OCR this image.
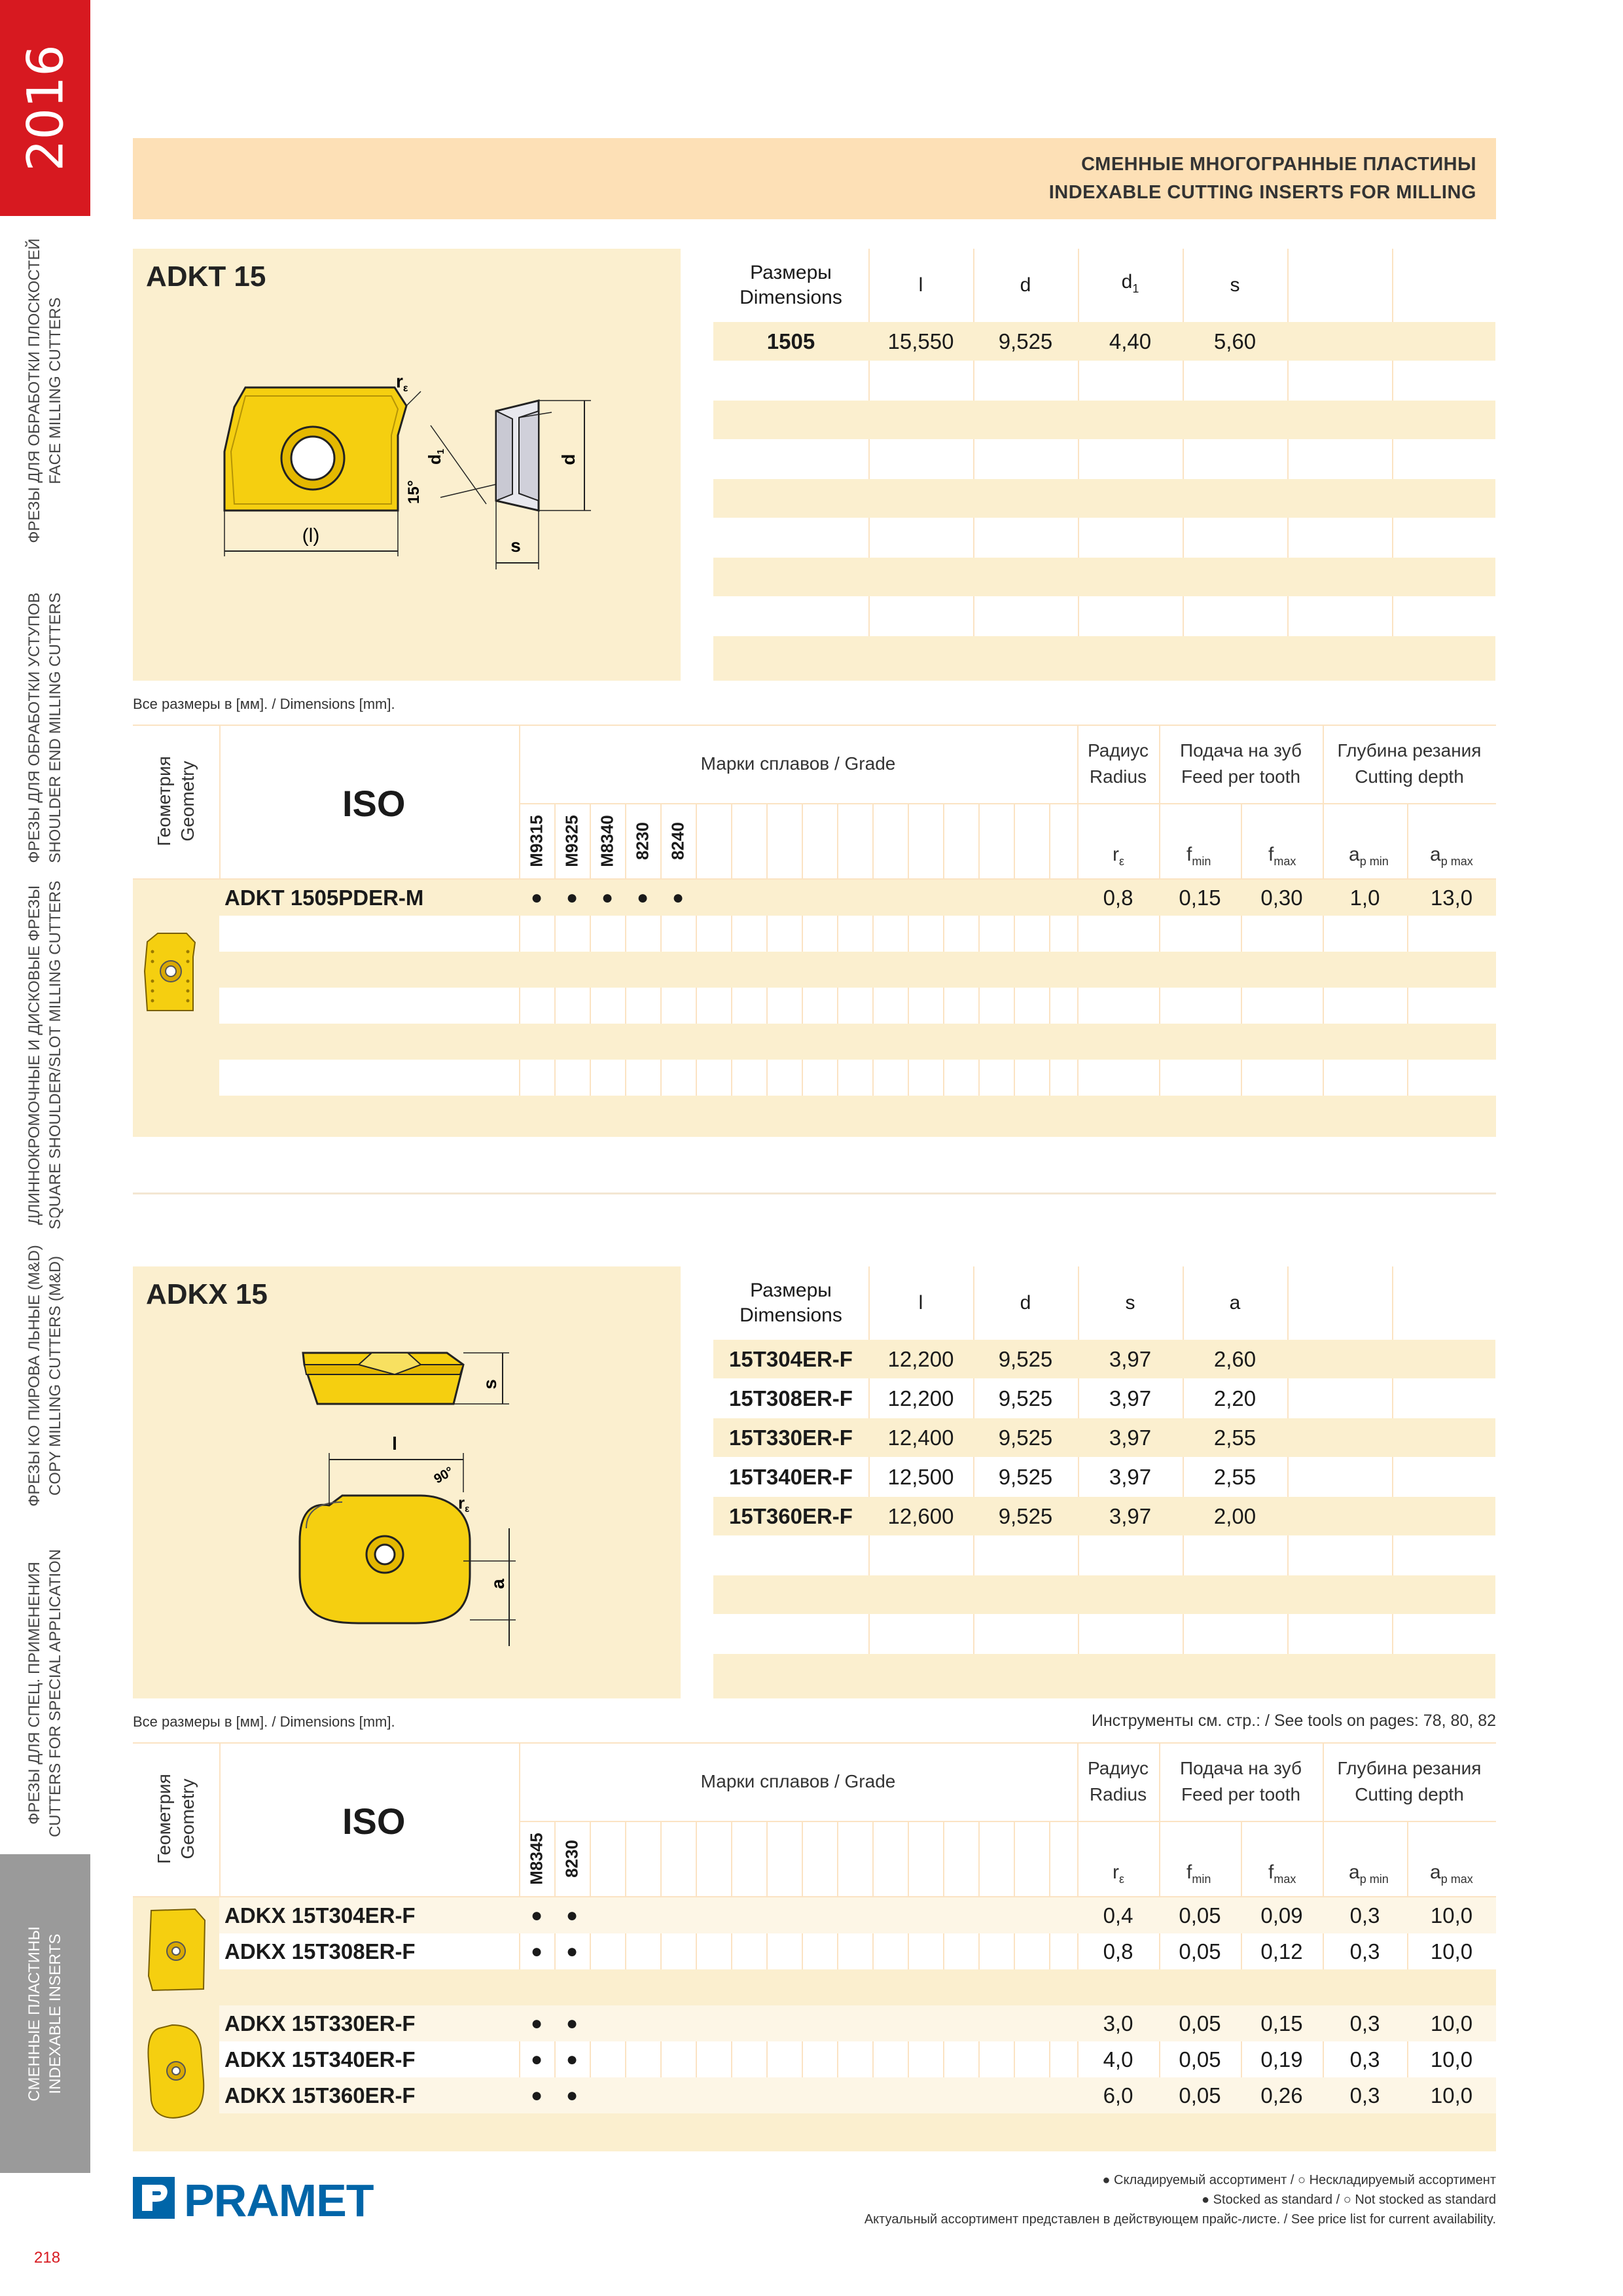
2016
ФРЕЗЫ ДЛЯ ОБРАБОТКИ ПЛОСКОСТЕЙ FACE MILLING CUTTERS
ФРЕЗЫ ДЛЯ ОБРАБОТКИ УСТУПОВ SHOULDER END MILLING CUTTERS
ДЛИННОКРОМОЧНЫЕ И ДИСКОВЫЕ ФРЕЗЫ SQUARE SHOULDER/SLOT MILLING CUTTERS
ФРЕЗЫ КО ПИРОВА ЛЬНЫЕ (M&D) COPY MILLING CUTTERS (M&D)
ФРЕЗЫ ДЛЯ СПЕЦ. ПРИМЕНЕНИЯ CUTTERS FOR SPECIAL APPLICATION
СМЕННЫЕ ПЛАСТИНЫ INDEXABLE INSERTS
СМЕННЫЕ МНОГОГРАННЫЕ ПЛАСТИНЫ
INDEXABLE CUTTING INSERTS FOR MILLING
ADKT 15
(l)
$r_\varepsilon$
d
s
d1
15°
Размеры
Dimensions
l	d	$d_1$	s
1505	15,550	9,525	4,40	5,60
Все размеры в [мм]. / Dimensions [mm].
Геометрия Geometry	ISO
Марки сплавов / Grade
Радиус
Radius
Подача на зуб
Feed per tooth
Глубина резания
Cutting depth
M9315 M9325 M8340 8230 8240	$r_\varepsilon$	$f_{min}$	$f_{max}$	$a_{p min}$ $a_{p max}$
ADKT 1505PDER-M	●	●	●	●	●	0,8	0,15	0,30	1,0	13,0
ADKX 15
s
l
90°
rε
a
Размеры
Dimensions
l	d	s	a
15T304ER-F	12,200	9,525	3,97	2,60
15T308ER-F	12,200	9,525	3,97	2,20
15T330ER-F	12,400	9,525	3,97	2,55
15T340ER-F	12,500	9,525	3,97	2,55
15T360ER-F	12,600	9,525	3,97	2,00
Все размеры в [мм]. / Dimensions [mm].	Инструменты см. стр.: / See tools on pages: 78, 80, 82
Геометрия Geometry	ISO
Марки сплавов / Grade
Радиус
Radius
Подача на зуб
Feed per tooth
Глубина резания
Cutting depth
M8345 8230	$r_\varepsilon$	$f_{min}$	$f_{max}$	$a_{p min}$ $a_{p max}$
ADKX 15T304ER-F	●	●	0,4	0,05	0,09	0,3	10,0
ADKX 15T308ER-F	●	●	0,8	0,05	0,12	0,3	10,0
ADKX 15T330ER-F	●	●	3,0	0,05	0,15	0,3	10,0
ADKX 15T340ER-F	●	●	4,0	0,05	0,19	0,3	10,0
ADKX 15T360ER-F	●	●	6,0	0,05	0,26	0,3	10,0
PRAMET	● Складируемый ассортимент / ○ Нескладируемый ассортимент
● Stocked as standard / ○ Not stocked as standard
Актуальный ассортимент представлен в действующем прайс-листе. / See price list for current availability.
218
